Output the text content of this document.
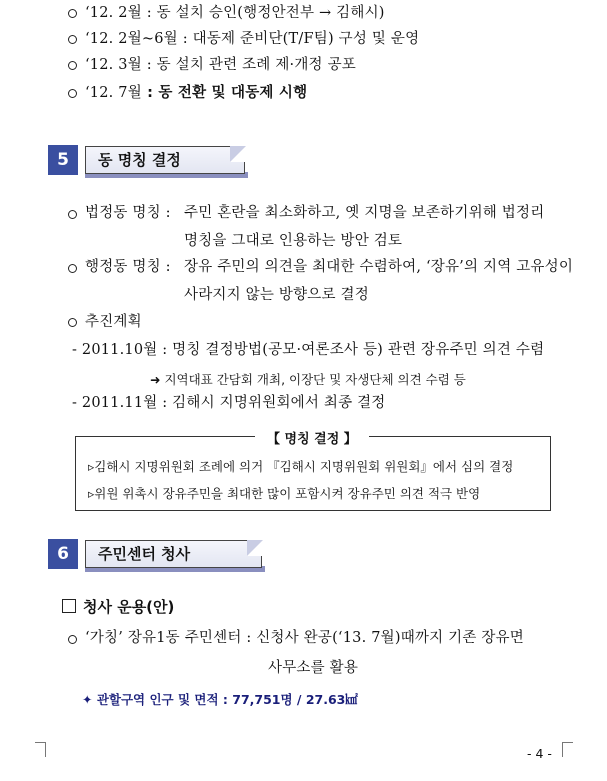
‘12. 2월 : 동 설치 승인(행정안전부 → 김해시)
‘12. 2월~6월 : 대동제 준비단(T/F팀) 구성 및 운영
‘12. 3월 : 동 설치 관련 조례 제·개정 공포
‘12. 7월 : 동 전환 및 대동제 시행
5	동 명칭 결정
법정동 명칭 : 주민 혼란을 최소화하고, 옛 지명을 보존하기위해 법정리
명칭을 그대로 인용하는 방안 검토
행정동 명칭 : 장유 주민의 의견을 최대한 수렴하여, ‘장유’의 지역 고유성이
사라지지 않는 방향으로 결정
추진계획
- 2011.10월 : 명칭 결정방법(공모·여론조사 등) 관련 장유주민 의견 수렴
➜ 지역대표 간담회 개최, 이장단 및 자생단체 의견 수렴 등
- 2011.11월 : 김해시 지명위원회에서 최종 결정
【 명칭 결정 】
▹김해시 지명위원회 조례에 의거 『김해시 지명위원회 위원회』에서 심의 결정
▹위원 위촉시 장유주민을 최대한 많이 포함시켜 장유주민 의견 적극 반영
6	주민센터 청사
청사 운용(안)
‘가칭’ 장유1동 주민센터 : 신청사 완공(‘13. 7월)때까지 기존 장유면
사무소를 활용
✦ 관할구역 인구 및 면적 : 77,751명 / 27.63㎢
- 4 -
